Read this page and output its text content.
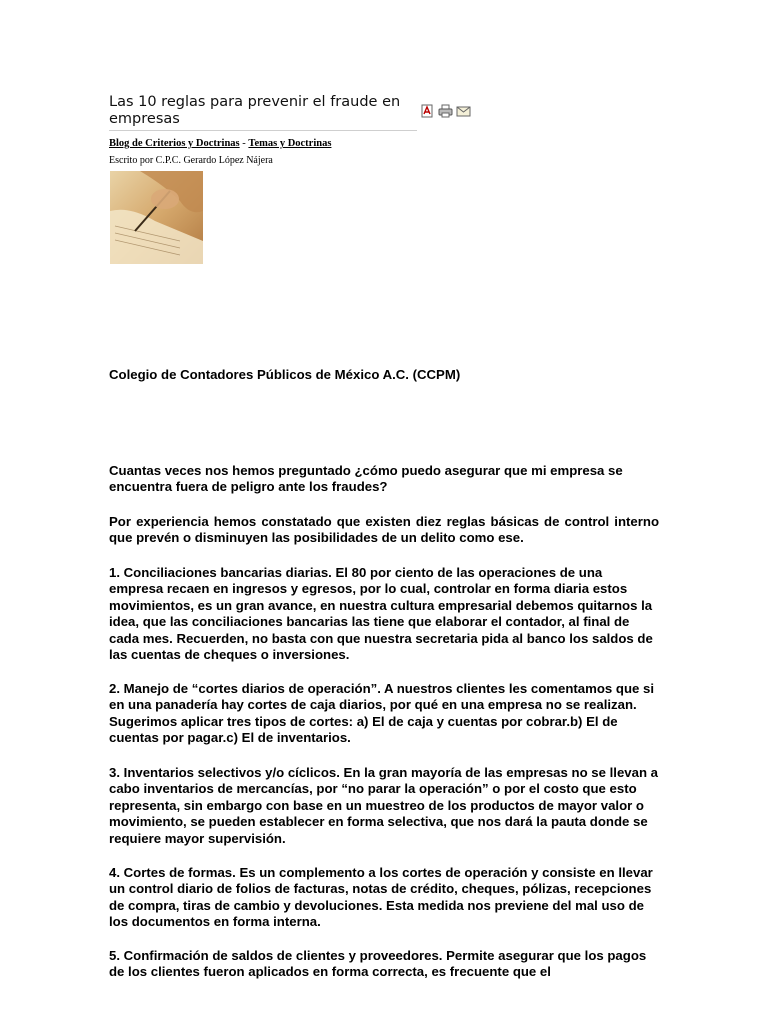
Las 10 reglas para prevenir el fraude en empresas
Blog de Criterios y Doctrinas - Temas y Doctrinas
Escrito por C.P.C. Gerardo López Nájera

Colegio de Contadores Públicos de México A.C. (CCPM)

Cuantas veces nos hemos preguntado ¿cómo puedo asegurar que mi empresa se encuentra fuera de peligro ante los fraudes?

Por experiencia hemos constatado que existen diez reglas básicas de control interno que prevén o disminuyen las posibilidades de un delito como ese.

1. Conciliaciones bancarias diarias. El 80 por ciento de las operaciones de una empresa recaen en ingresos y egresos, por lo cual, controlar en forma diaria estos movimientos, es un gran avance, en nuestra cultura empresarial debemos quitarnos la idea, que las conciliaciones bancarias las tiene que elaborar el contador, al final de cada mes. Recuerden, no basta con que nuestra secretaria pida al banco los saldos de las cuentas de cheques o inversiones.

2. Manejo de “cortes diarios de operación”. A nuestros clientes les comentamos que si en una panadería hay cortes de caja diarios, por qué en una empresa no se realizan. Sugerimos aplicar tres tipos de cortes: a) El de caja y cuentas por cobrar.b) El de cuentas por pagar.c) El de inventarios.

3. Inventarios selectivos y/o cíclicos. En la gran mayoría de las empresas no se llevan a cabo inventarios de mercancías, por “no parar la operación” o por el costo que esto representa, sin embargo con base en un muestreo de los productos de mayor valor o movimiento, se pueden establecer en forma selectiva, que nos dará la pauta donde se requiere mayor supervisión.

4. Cortes de formas. Es un complemento a los cortes de operación y consiste en llevar un control diario de folios de facturas, notas de crédito, cheques, pólizas, recepciones de compra, tiras de cambio y devoluciones. Esta medida nos previene del mal uso de los documentos en forma interna.

5. Confirmación de saldos de clientes y proveedores. Permite asegurar que los pagos de los clientes fueron aplicados en forma correcta, es frecuente que el
